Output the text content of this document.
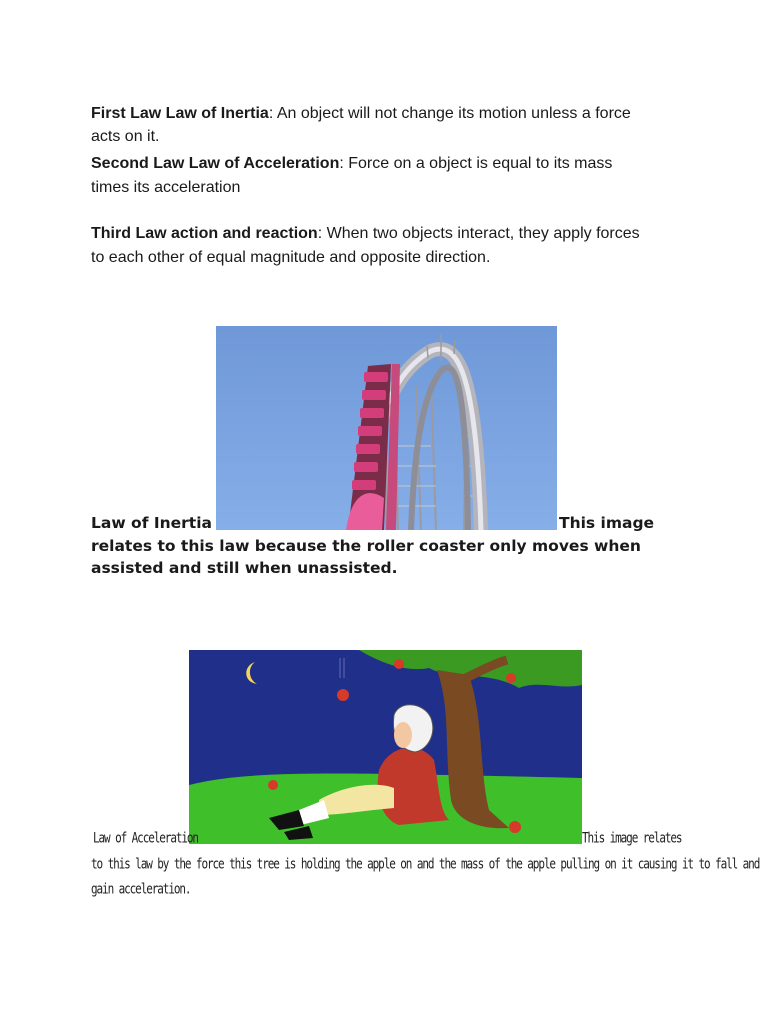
First Law Law of Inertia: An object will not change its motion unless a force
acts on it.

Second Law Law of Acceleration: Force on a object is equal to its mass
times its acceleration

Third Law action and reaction: When two objects interact, they apply forces
to each other of equal magnitude and opposite direction.

Law of Inertia	This image

relates to this law because the roller coaster only moves when

assisted and still when unassisted.

Law of Acceleration	This image relates

to this law by the force this tree is holding the apple on and the mass of the apple pulling on it causing it to fall and

gain acceleration.
